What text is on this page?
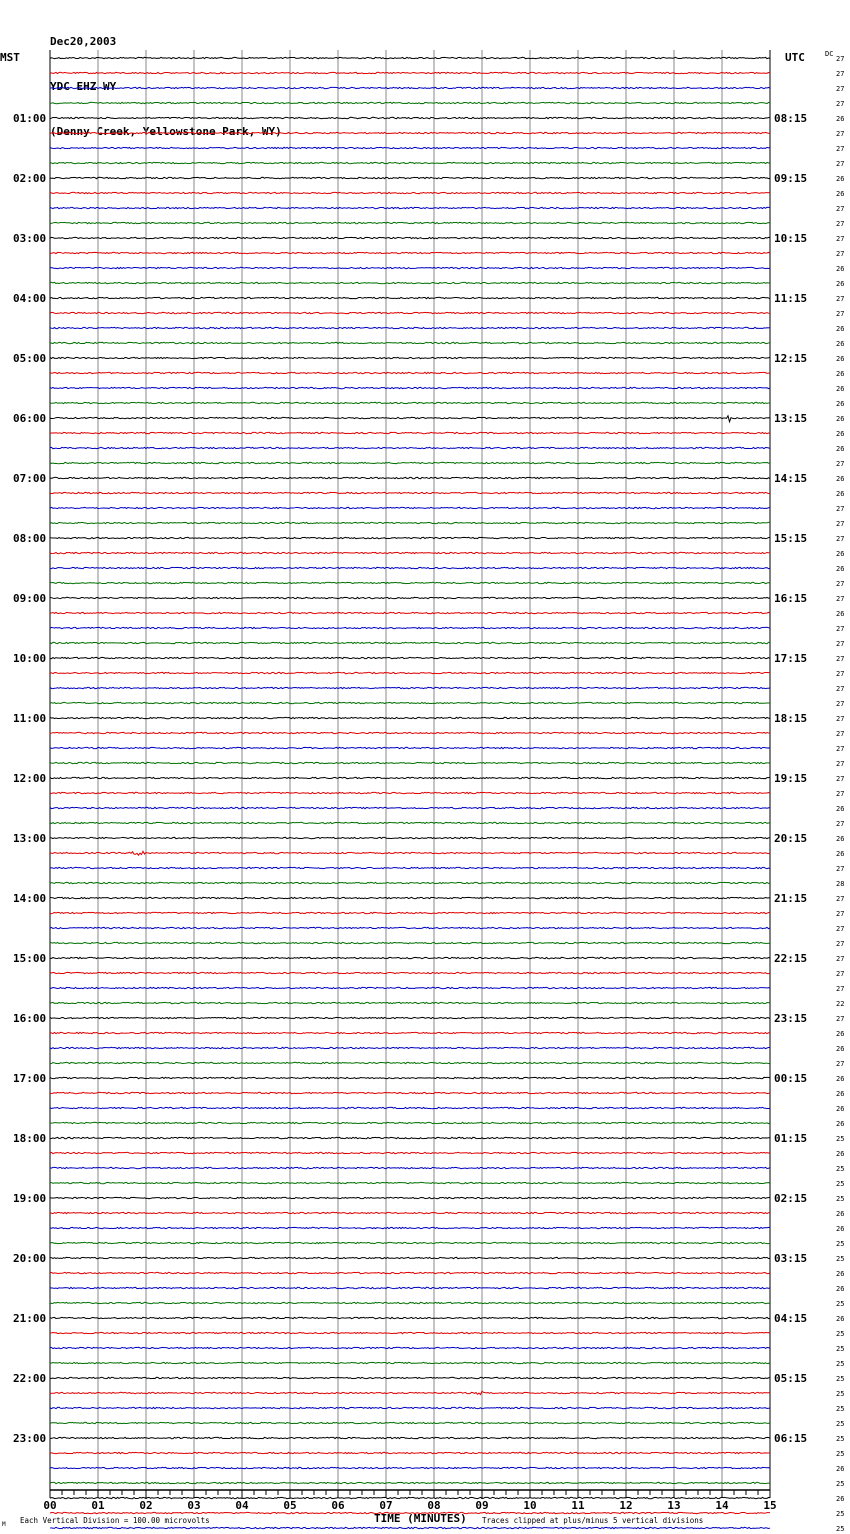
Dec20,2003

YDC EHZ WY

(Denny Creek, Yellowstone Park, WY)

MST	UTC	DC
Each Vertical Division = 100.00 microvolts	TIME (MINUTES) Traces clipped at plus/minus 5 vertical divisions
M
27
27
27
27
26
27
27
27
26
26
27
27
27
27
26
26
27
27
26
26
26
26
26
26
26
26
26
27
26
26
27
27
27
26
26
27
27
26
27
27
27
27
27
27
27
27
27
27
27
27
26
27
26
26
27
28
27
27
27
27
27
27
27
22
27
26
26
27
26
26
26
26
25
26
25
25
25
26
26
25
25
26
26
25
26
25
25
25
25
25
25
25
25
25
26
25
26
25
25
01:00
02:00
03:00
04:00
05:00
06:00
07:00
08:00
09:00
10:00
11:00
12:00
13:00
14:00
15:00
16:00
17:00
18:00
19:00
20:00
21:00
22:00
23:00
08:15
09:15
10:15
11:15
12:15
13:15
14:15
15:15
16:15
17:15
18:15
19:15
20:15
21:15
22:15
23:15
00:15
01:15
02:15
03:15
04:15
05:15
06:15
00	01	02	03	04	05	06	07	08	09	10	11	12	13	14	15
